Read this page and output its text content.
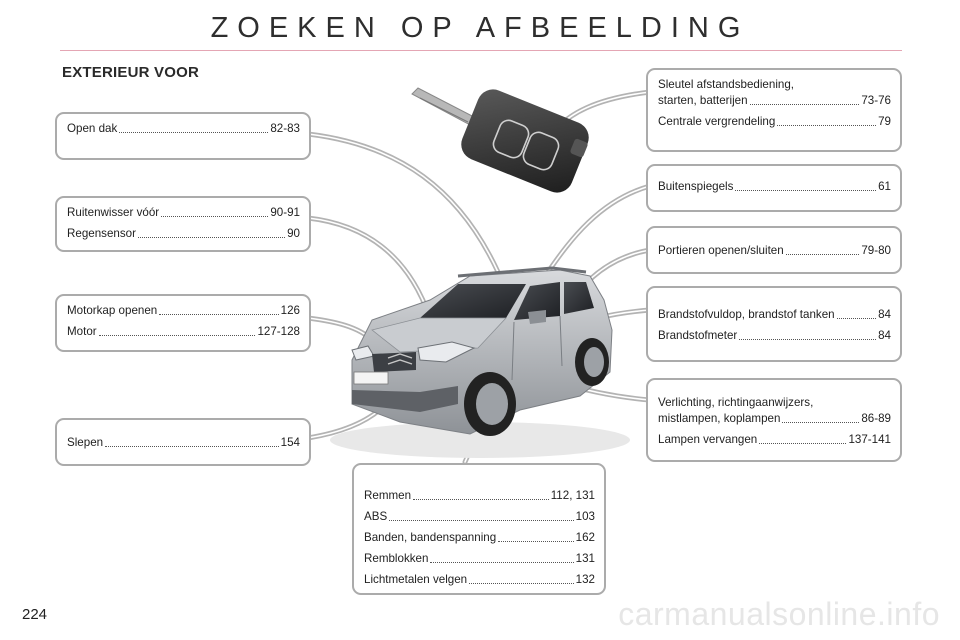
ZOEKEN OP AFBEELDING
EXTERIEUR VOOR
Open dak	82-83
Ruitenwisser vóór	90-91
Regensensor	90
Motorkap openen	126
Motor	127-128
Slepen	154
Sleutel afstandsbediening,
starten, batterijen	73-76
Centrale vergrendeling	79
Buitenspiegels	61
Portieren openen/sluiten	79-80
Brandstofvuldop, brandstof tanken	84
Brandstofmeter	84
Verlichting, richtingaanwijzers,
mistlampen, koplampen	86-89
Lampen vervangen	137-141
Remmen	112, 131
ABS	103
Banden, bandenspanning	162
Remblokken	131
Lichtmetalen velgen	132
224	carmanualsonline.info
